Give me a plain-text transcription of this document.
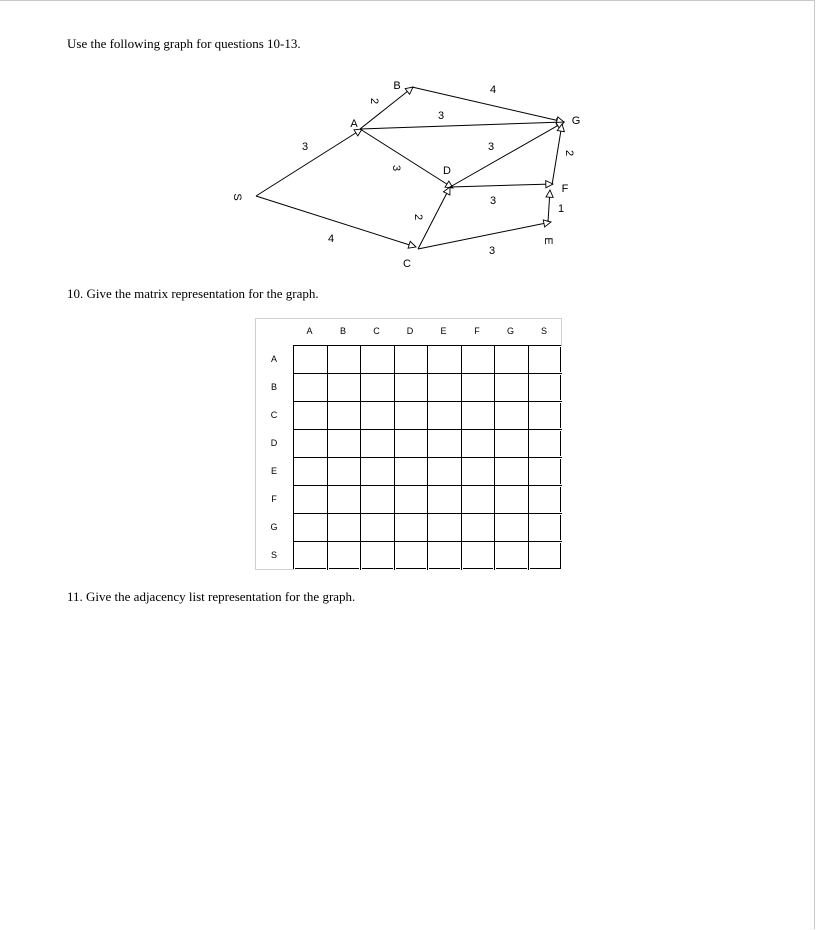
Use the following graph for questions 10-13.
3
4
2
3
3
4
2
3
3
3
1
2
S
A
B
C
D
E
F
G
10. Give the matrix representation for the graph.
A	B	C	D	E	F	G	S
A
B
C
D
E
F
G
S
11. Give the adjacency list representation for the graph.
